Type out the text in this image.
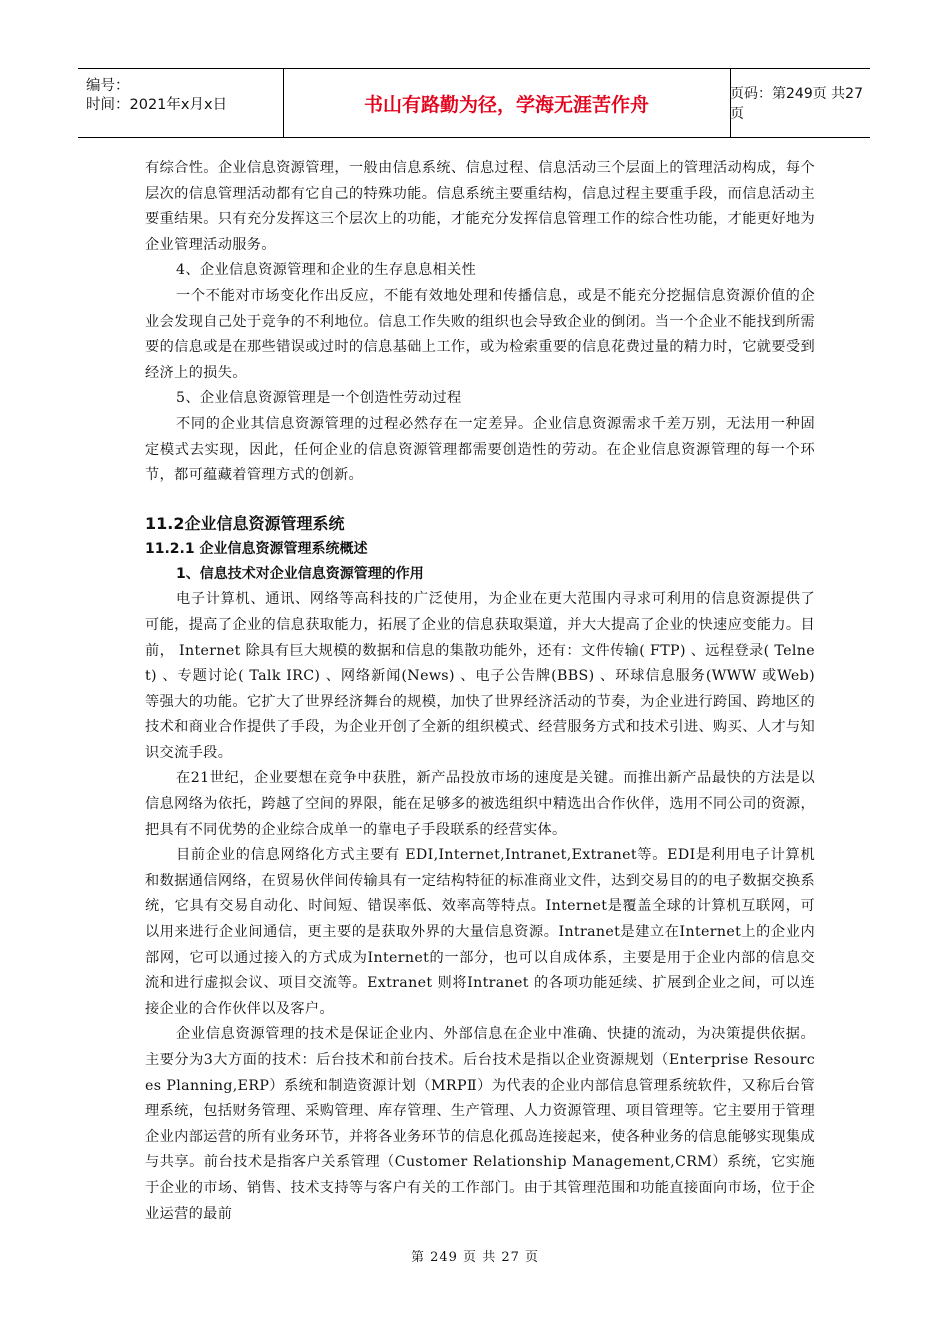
编号：
时间：2021年x月x日	书山有路勤为径，学海无涯苦作舟	页码：第249页 共27页

有综合性。企业信息资源管理，一般由信息系统、信息过程、信息活动三个层面上的管理活动构成，每个层次的信息管理活动都有它自己的特殊功能。信息系统主要重结构，信息过程主要重手段，而信息活动主要重结果。只有充分发挥这三个层次上的功能，才能充分发挥信息管理工作的综合性功能，才能更好地为企业管理活动服务。

4、企业信息资源管理和企业的生存息息相关性

一个不能对市场变化作出反应，不能有效地处理和传播信息，或是不能充分挖掘信息资源价值的企业会发现自己处于竞争的不利地位。信息工作失败的组织也会导致企业的倒闭。当一个企业不能找到所需要的信息或是在那些错误或过时的信息基础上工作，或为检索重要的信息花费过量的精力时，它就要受到经济上的损失。

5、企业信息资源管理是一个创造性劳动过程

不同的企业其信息资源管理的过程必然存在一定差异。企业信息资源需求千差万别，无法用一种固定模式去实现，因此，任何企业的信息资源管理都需要创造性的劳动。在企业信息资源管理的每一个环节，都可蕴藏着管理方式的创新。

11.2企业信息资源管理系统
11.2.1 企业信息资源管理系统概述
1、信息技术对企业信息资源管理的作用

电子计算机、通讯、网络等高科技的广泛使用，为企业在更大范围内寻求可利用的信息资源提供了可能，提高了企业的信息获取能力，拓展了企业的信息获取渠道，并大大提高了企业的快速应变能力。目前， Internet 除具有巨大规模的数据和信息的集散功能外，还有：文件传输( FTP) 、远程登录( Telnet) 、专题讨论( Talk IRC) 、网络新闻(News) 、电子公告牌(BBS) 、环球信息服务(WWW 或Web) 等强大的功能。它扩大了世界经济舞台的规模，加快了世界经济活动的节奏，为企业进行跨国、跨地区的技术和商业合作提供了手段，为企业开创了全新的组织模式、经营服务方式和技术引进、购买、人才与知识交流手段。

在21世纪，企业要想在竞争中获胜，新产品投放市场的速度是关键。而推出新产品最快的方法是以信息网络为依托，跨越了空间的界限，能在足够多的被选组织中精选出合作伙伴，选用不同公司的资源，把具有不同优势的企业综合成单一的靠电子手段联系的经营实体。

目前企业的信息网络化方式主要有 EDI,Internet,Intranet,Extranet等。EDI是利用电子计算机和数据通信网络，在贸易伙伴间传输具有一定结构特征的标准商业文件，达到交易目的的电子数据交换系统，它具有交易自动化、时间短、错误率低、效率高等特点。Internet是覆盖全球的计算机互联网，可以用来进行企业间通信，更主要的是获取外界的大量信息资源。Intranet是建立在Internet上的企业内部网，它可以通过接入的方式成为Internet的一部分，也可以自成体系，主要是用于企业内部的信息交流和进行虚拟会议、项目交流等。Extranet 则将Intranet 的各项功能延续、扩展到企业之间，可以连接企业的合作伙伴以及客户。

企业信息资源管理的技术是保证企业内、外部信息在企业中准确、快捷的流动，为决策提供依据。主要分为3大方面的技术：后台技术和前台技术。后台技术是指以企业资源规划（Enterprise Resources Planning,ERP）系统和制造资源计划（MRPⅡ）为代表的企业内部信息管理系统软件，又称后台管理系统，包括财务管理、采购管理、库存管理、生产管理、人力资源管理、项目管理等。它主要用于管理企业内部运营的所有业务环节，并将各业务环节的信息化孤岛连接起来，使各种业务的信息能够实现集成与共享。前台技术是指客户关系管理（Customer Relationship Management,CRM）系统，它实施于企业的市场、销售、技术支持等与客户有关的工作部门。由于其管理范围和功能直接面向市场，位于企业运营的最前

第 249 页 共 27 页
